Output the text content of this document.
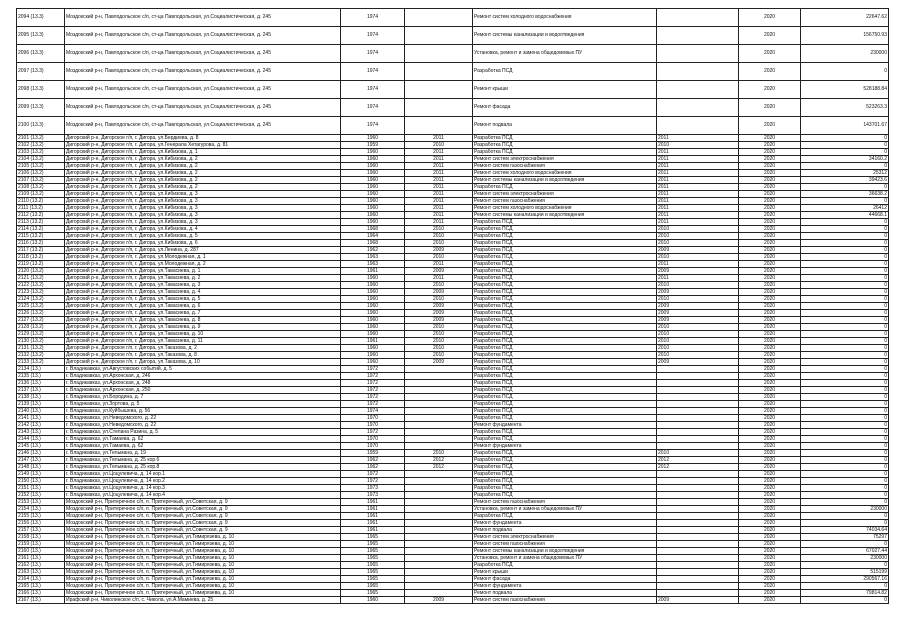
2094 (13.3)	Моздокский р-н, Павлодольское с/п, ст-ца Павлодольская, ул.Социалистическая, д. 245	1974		Ремонт систем холодного водоснабжения		2020	22647.62
2095 (13.3)	Моздокский р-н, Павлодольское с/п, ст-ца Павлодольская, ул.Социалистическая, д. 245	1974		Ремонт системы канализации и водоотведения		2020	156750.93
2096 (13.3)	Моздокский р-н, Павлодольское с/п, ст-ца Павлодольская, ул.Социалистическая, д. 245	1974		Установка, ремонт и замена общедомовых ПУ		2020	230000
2097 (13.3)	Моздокский р-н, Павлодольское с/п, ст-ца Павлодольская, ул.Социалистическая, д. 245	1974		Разработка ПСД		2020	0
2098 (13.3)	Моздокский р-н, Павлодольское с/п, ст-ца Павлодольская, ул.Социалистическая, д. 245	1974		Ремонт крыши		2020	528188.84
2099 (13.3)	Моздокский р-н, Павлодольское с/п, ст-ца Павлодольская, ул.Социалистическая, д. 245	1974		Ремонт фасада		2020	523263.3
2100 (13.3)	Моздокский р-н, Павлодольское с/п, ст-ца Павлодольская, ул.Социалистическая, д. 245	1974		Ремонт подвала		2020	143701.67
2101 (13.2)	Дигорский р-н, Дигорское г/п, г. Дигора, ул.Бердиева, д. 8	1960	2011	Разработка ПСД	2011	2020	0
2102 (13.2)	Дигорский р-н, Дигорское г/п, г. Дигора, ул.Генерала Хетагурова, д. 81	1959	2010	Разработка ПСД	2010	2020	0
2103 (13.2)	Дигорский р-н, Дигорское г/п, г. Дигора, ул.Кибизова, д. 1	1960	2011	Разработка ПСД	2011	2020	0
2104 (13.2)	Дигорский р-н, Дигорское г/п, г. Дигора, ул.Кибизова, д. 2	1960	2011	Ремонт систем электроснабжения	2011	2020	34160.2
2105 (13.2)	Дигорский р-н, Дигорское г/п, г. Дигора, ул.Кибизова, д. 2	1960	2011	Ремонт систем газоснабжения	2011	2020	0
2106 (13.2)	Дигорский р-н, Дигорское г/п, г. Дигора, ул.Кибизова, д. 2	1960	2011	Ремонт систем холодного водоснабжения	2011	2020	25312
2107 (13.2)	Дигорский р-н, Дигорское г/п, г. Дигора, ул.Кибизова, д. 2	1960	2011	Ремонт системы канализации и водоотведения	2011	2020	39423.6
2108 (13.2)	Дигорский р-н, Дигорское г/п, г. Дигора, ул.Кибизова, д. 2	1960	2011	Разработка ПСД	2011	2020	0
2109 (13.2)	Дигорский р-н, Дигорское г/п, г. Дигора, ул.Кибизова, д. 3	1960	2011	Ремонт систем электроснабжения	2011	2020	36638.2
2110 (13.2)	Дигорский р-н, Дигорское г/п, г. Дигора, ул.Кибизова, д. 3	1960	2011	Ремонт систем газоснабжения	2011	2020	0
2111 (13.2)	Дигорский р-н, Дигорское г/п, г. Дигора, ул.Кибизова, д. 3	1960	2011	Ремонт систем холодного водоснабжения	2011	2020	26412
2112 (13.2)	Дигорский р-н, Дигорское г/п, г. Дигора, ул.Кибизова, д. 3	1960	2011	Ремонт системы канализации и водоотведения	2011	2020	44668.1
2113 (13.2)	Дигорский р-н, Дигорское г/п, г. Дигора, ул.Кибизова, д. 3	1960	2011	Разработка ПСД	2011	2020	0
2114 (13.2)	Дигорский р-н, Дигорское г/п, г. Дигора, ул.Кибизова, д. 4	1968	2010	Разработка ПСД	2010	2020	0
2115 (13.2)	Дигорский р-н, Дигорское г/п, г. Дигора, ул.Кибизова, д. 5	1964	2010	Разработка ПСД	2010	2020	0
2116 (13.2)	Дигорский р-н, Дигорское г/п, г. Дигора, ул.Кибизова, д. 6	1968	2010	Разработка ПСД	2010	2020	0
2117 (13.2)	Дигорский р-н, Дигорское г/п, г. Дигора, ул.Ленина, д. 287	1962	2009	Разработка ПСД	2009	2020	0
2118 (13.2)	Дигорский р-н, Дигорское г/п, г. Дигора, ул.Молодежная, д. 1	1963	2010	Разработка ПСД	2010	2020	0
2119 (13.2)	Дигорский р-н, Дигорское г/п, г. Дигора, ул.Молодежная, д. 2	1963	2011	Разработка ПСД	2011	2020	0
2120 (13.2)	Дигорский р-н, Дигорское г/п, г. Дигора, ул.Тавасиева, д. 1	1961	2009	Разработка ПСД	2009	2020	0
2121 (13.2)	Дигорский р-н, Дигорское г/п, г. Дигора, ул.Тавасиева, д. 2	1960	2011	Разработка ПСД	2011	2020	0
2122 (13.2)	Дигорский р-н, Дигорское г/п, г. Дигора, ул.Тавасиева, д. 3	1960	2010	Разработка ПСД	2010	2020	0
2123 (13.2)	Дигорский р-н, Дигорское г/п, г. Дигора, ул.Тавасиева, д. 4	1960	2009	Разработка ПСД	2009	2020	0
2124 (13.2)	Дигорский р-н, Дигорское г/п, г. Дигора, ул.Тавасиева, д. 5	1960	2010	Разработка ПСД	2010	2020	0
2125 (13.2)	Дигорский р-н, Дигорское г/п, г. Дигора, ул.Тавасиева, д. 6	1960	2009	Разработка ПСД	2009	2020	0
2126 (13.2)	Дигорский р-н, Дигорское г/п, г. Дигора, ул.Тавасиева, д. 7	1960	2009	Разработка ПСД	2009	2020	0
2127 (13.2)	Дигорский р-н, Дигорское г/п, г. Дигора, ул.Тавасиева, д. 8	1960	2009	Разработка ПСД	2009	2020	0
2128 (13.2)	Дигорский р-н, Дигорское г/п, г. Дигора, ул.Тавасиева, д. 9	1960	2010	Разработка ПСД	2010	2020	0
2129 (13.2)	Дигорский р-н, Дигорское г/п, г. Дигора, ул.Тавасиева, д. 10	1960	2010	Разработка ПСД	2010	2020	0
2130 (13.2)	Дигорский р-н, Дигорское г/п, г. Дигора, ул.Тавасиева, д. 11	1961	2010	Разработка ПСД	2010	2020	0
2131 (13.2)	Дигорский р-н, Дигорское г/п, г. Дигора, ул.Таказова, д. 2	1960	2010	Разработка ПСД	2010	2020	0
2132 (13.2)	Дигорский р-н, Дигорское г/п, г. Дигора, ул.Таказова, д. 8	1960	2010	Разработка ПСД	2010	2020	0
2133 (13.2)	Дигорский р-н, Дигорское г/п, г. Дигора, ул.Таказова, д. 10	1960	2009	Разработка ПСД	2009	2020	0
2134 (13.)	г. Владикавказ, ул.Августовских событий, д. 5	1972		Разработка ПСД		2020	0
2135 (13.)	г. Владикавказ, ул.Архонская, д. 246	1972		Разработка ПСД		2020	0
2136 (13.)	г. Владикавказ, ул.Архонская, д. 248	1972		Разработка ПСД		2020	0
2137 (13.)	г. Владикавказ, ул.Архонская, д. 250	1972		Разработка ПСД		2020	0
2138 (13.)	г. Владикавказ, ул.Бородина, д. 7	1972		Разработка ПСД		2020	0
2139 (13.)	г. Владикавказ, ул.Зортова, д. 5	1972		Разработка ПСД		2020	0
2140 (13.)	г. Владикавказ, ул.Куйбышева, д. 56	1974		Разработка ПСД		2020	0
2141 (13.)	г. Владикавказ, ул.Неведомского, д. 22	1970		Разработка ПСД		2020	0
2142 (13.)	г. Владикавказ, ул.Неведомского, д. 22	1970		Ремонт фундамента		2020	0
2143 (13.)	г. Владикавказ, ул.Степана Разина, д. 5	1972		Разработка ПСД		2020	0
2144 (13.)	г. Владикавказ, ул.Тамаева, д. 62	1970		Разработка ПСД		2020	0
2145 (13.)	г. Владикавказ, ул.Тамаева, д. 62	1970		Ремонт фундамента		2020	0
2146 (13.)	г. Владикавказ, ул.Тельмана, д. 19	1959	2010	Разработка ПСД	2010	2020	0
2147 (13.)	г. Владикавказ, ул.Тельмана, д. 25 кор.6	1962	2012	Разработка ПСД	2012	2020	0
2148 (13.)	г. Владикавказ, ул.Тельмана, д. 25 кор.8	1962	2012	Разработка ПСД	2012	2020	0
2149 (13.)	г. Владикавказ, ул.Цоцулевича, д. 14 кор.1	1972		Разработка ПСД		2020	0
2150 (13.)	г. Владикавказ, ул.Цоцулевича, д. 14 кор.2	1972		Разработка ПСД		2020	0
2151 (13.)	г. Владикавказ, ул.Цоцулевича, д. 14 кор.3	1973		Разработка ПСД		2020	0
2152 (13.)	г. Владикавказ, ул.Цоцулевича, д. 14 кор.4	1973		Разработка ПСД		2020	0
2153 (13.)	Моздокский р-н, Притеречное с/п, п. Притеречный, ул.Советская, д. 9	1961		Ремонт систем газоснабжения		2020	0
2154 (13.)	Моздокский р-н, Притеречное с/п, п. Притеречный, ул.Советская, д. 9	1961		Установка, ремонт и замена общедомовых ПУ		2020	230000
2155 (13.)	Моздокский р-н, Притеречное с/п, п. Притеречный, ул.Советская, д. 9	1961		Разработка ПСД		2020	0
2156 (13.)	Моздокский р-н, Притеречное с/п, п. Притеречный, ул.Советская, д. 9	1961		Ремонт фундамента		2020	0
2157 (13.)	Моздокский р-н, Притеречное с/п, п. Притеречный, ул.Советская, д. 9	1961		Ремонт подвала		2020	74034.64
2158 (13.)	Моздокский р-н, Притеречное с/п, п. Притеречный, ул.Тимирязева, д. 10	1965		Ремонт систем электроснабжения		2020	75297
2159 (13.)	Моздокский р-н, Притеречное с/п, п. Притеречный, ул.Тимирязева, д. 10	1965		Ремонт систем газоснабжения		2020	0
2160 (13.)	Моздокский р-н, Притеречное с/п, п. Притеречный, ул.Тимирязева, д. 10	1965		Ремонт системы канализации и водоотведения		2020	67027.44
2161 (13.)	Моздокский р-н, Притеречное с/п, п. Притеречный, ул.Тимирязева, д. 10	1965		Установка, ремонт и замена общедомовых ПУ		2020	230000
2162 (13.)	Моздокский р-н, Притеречное с/п, п. Притеречный, ул.Тимирязева, д. 10	1965		Разработка ПСД		2020	0
2163 (13.)	Моздокский р-н, Притеречное с/п, п. Притеречный, ул.Тимирязева, д. 10	1965		Ремонт крыши		2020	515199
2164 (13.)	Моздокский р-н, Притеречное с/п, п. Притеречный, ул.Тимирязева, д. 10	1965		Ремонт фасада		2020	290567.16
2165 (13.)	Моздокский р-н, Притеречное с/п, п. Притеречный, ул.Тимирязева, д. 10	1965		Ремонт фундамента		2020	0
2166 (13.)	Моздокский р-н, Притеречное с/п, п. Притеречный, ул.Тимирязева, д. 10	1965		Ремонт подвала		2020	79814.82
2167 (13.)	Ирафский р-н, Чиколинское с/п, с. Чикола, ул.А.Мамиева, д. 25	1960	2009	Ремонт систем газоснабжения	2009	2020	0
